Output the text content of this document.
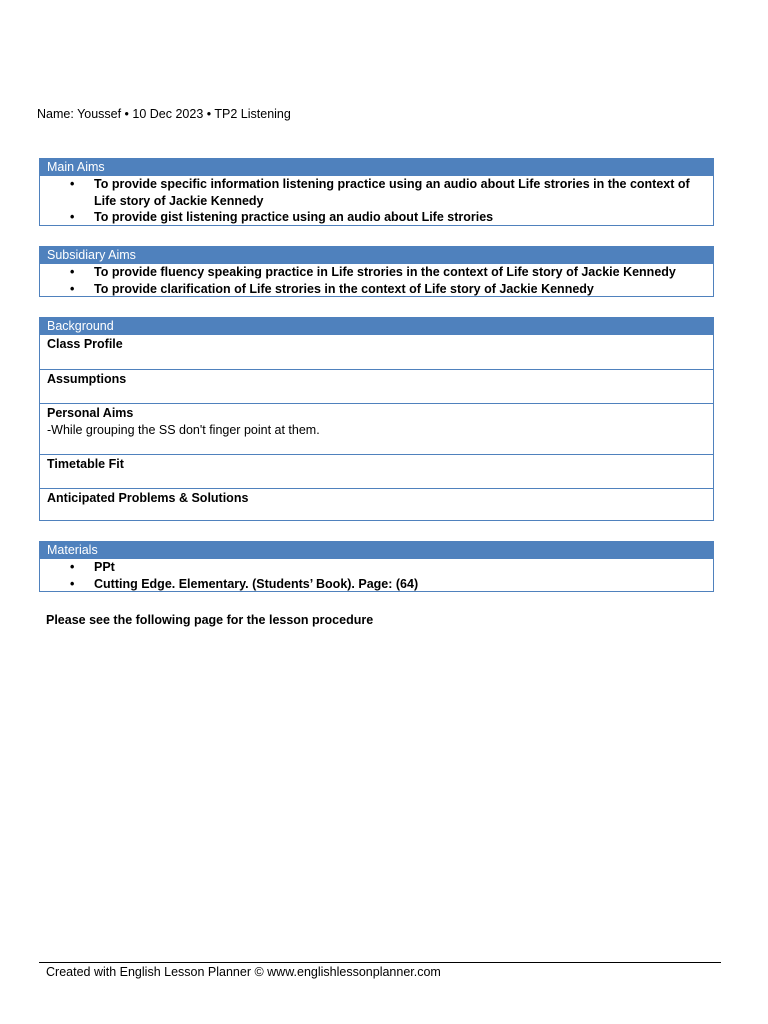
Name: Youssef • 10 Dec 2023 • TP2 Listening
Main Aims
• To provide specific information listening practice using an audio about Life strories in the context of Life story of Jackie Kennedy
• To provide gist listening practice using an audio about Life strories
Subsidiary Aims
• To provide fluency speaking practice in Life strories in the context of Life story of Jackie Kennedy
• To provide clarification of Life strories in the context of Life story of Jackie Kennedy
Background
Class Profile
Assumptions
Personal Aims
-While grouping the SS don't finger point at them.
Timetable Fit
Anticipated Problems & Solutions
Materials
• PPt
• Cutting Edge. Elementary. (Students’ Book). Page: (64)
Please see the following page for the lesson procedure
Created with English Lesson Planner © www.englishlessonplanner.com
